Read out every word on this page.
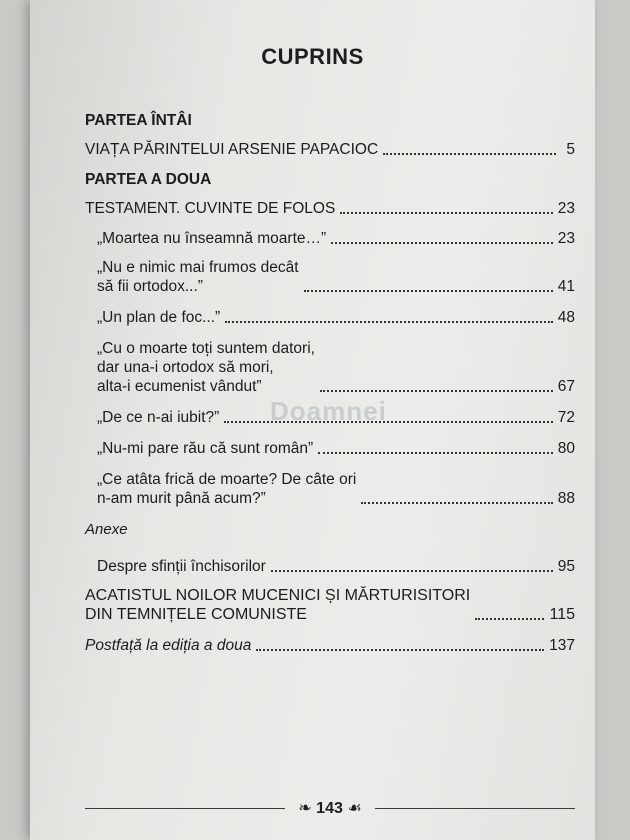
CUPRINS
Doamnei
PARTEA ÎNTÂI
VIAȚA PĂRINTELUI ARSENIE PAPACIOC	5
PARTEA A DOUA
TESTAMENT. CUVINTE DE FOLOS	23
„Moartea nu înseamnă moarte…”	23
„Nu e nimic mai frumos decât
să fii ortodox...”	41
„Un plan de foc...”	48
„Cu o moarte toți suntem datori,
dar una-i ortodox să mori,
alta-i ecumenist vândut”	67
„De ce n-ai iubit?”	72
„Nu-mi pare rău că sunt român”	80
„Ce atâta frică de moarte? De câte ori
n-am murit până acum?”	88
Anexe
Despre sfinții închisorilor	95
ACATISTUL NOILOR MUCENICI ȘI MĂRTURISITORI
DIN TEMNIȚELE COMUNISTE	115
Postfață la ediția a doua	137
❧ 143 ☙
